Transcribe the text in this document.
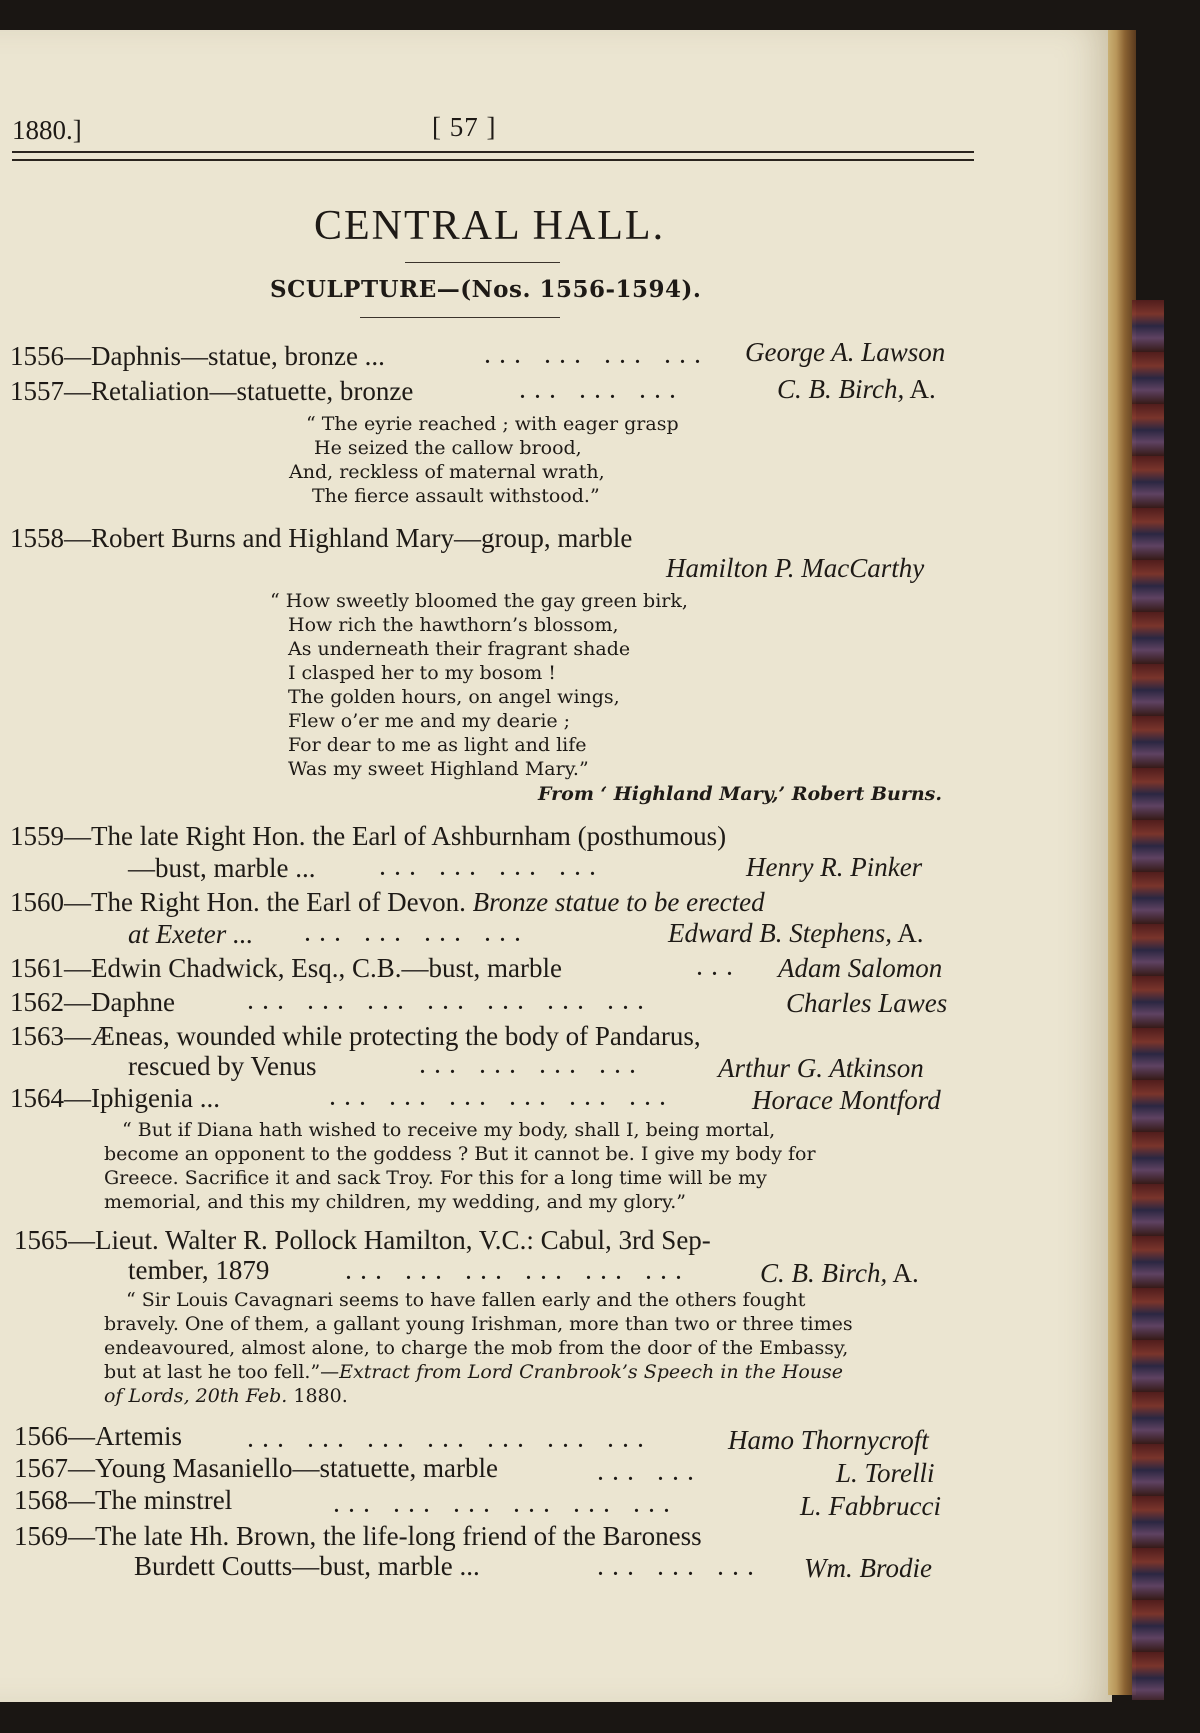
1880.]	[ 57 ]
CENTRAL HALL.
SCULPTURE—(Nos. 1556-1594).
1556—Daphnis—statue, bronze ...	... ... ... ... George A. Lawson
1557—Retaliation—statuette, bronze	... ... ...	C. B. Birch, A.
“ The eyrie reached ; with eager grasp
He seized the callow brood,
And, reckless of maternal wrath,
The fierce assault withstood.”
1558—Robert Burns and Highland Mary—group, marble
Hamilton P. MacCarthy
“ How sweetly bloomed the gay green birk,
How rich the hawthorn’s blossom,
As underneath their fragrant shade
I clasped her to my bosom !
The golden hours, on angel wings,
Flew o’er me and my dearie ;
For dear to me as light and life
Was my sweet Highland Mary.”
From ‘ Highland Mary,’ Robert Burns.
1559—The late Right Hon. the Earl of Ashburnham (posthumous)
—bust, marble ...	... ... ... ...	Henry R. Pinker
1560—The Right Hon. the Earl of Devon. Bronze statue to be erected
at Exeter ...	... ... ... ...	Edward B. Stephens, A.
1561—Edwin Chadwick, Esq., C.B.—bust, marble	... Adam Salomon
1562—Daphne	... ... ... ... ... ... ...	Charles Lawes
1563—Æneas, wounded while protecting the body of Pandarus,
rescued by Venus	... ... ... ...	Arthur G. Atkinson
1564—Iphigenia ...	... ... ... ... ... ...	Horace Montford
“ But if Diana hath wished to receive my body, shall I, being mortal,
become an opponent to the goddess ? But it cannot be. I give my body for
Greece. Sacrifice it and sack Troy. For this for a long time will be my
memorial, and this my children, my wedding, and my glory.”
1565—Lieut. Walter R. Pollock Hamilton, V.C.: Cabul, 3rd Sep-
tember, 1879	... ... ... ... ... ...	C. B. Birch, A.
“ Sir Louis Cavagnari seems to have fallen early and the others fought
bravely. One of them, a gallant young Irishman, more than two or three times
endeavoured, almost alone, to charge the mob from the door of the Embassy,
but at last he too fell.”—Extract from Lord Cranbrook’s Speech in the House
of Lords, 20th Feb. 1880.
1566—Artemis	... ... ... ... ... ... ...	Hamo Thornycroft
1567—Young Masaniello—statuette, marble	... ...	L. Torelli
1568—The minstrel	... ... ... ... ... ...	L. Fabbrucci
1569—The late Hh. Brown, the life-long friend of the Baroness
Burdett Coutts—bust, marble ...	... ... ... Wm. Brodie
